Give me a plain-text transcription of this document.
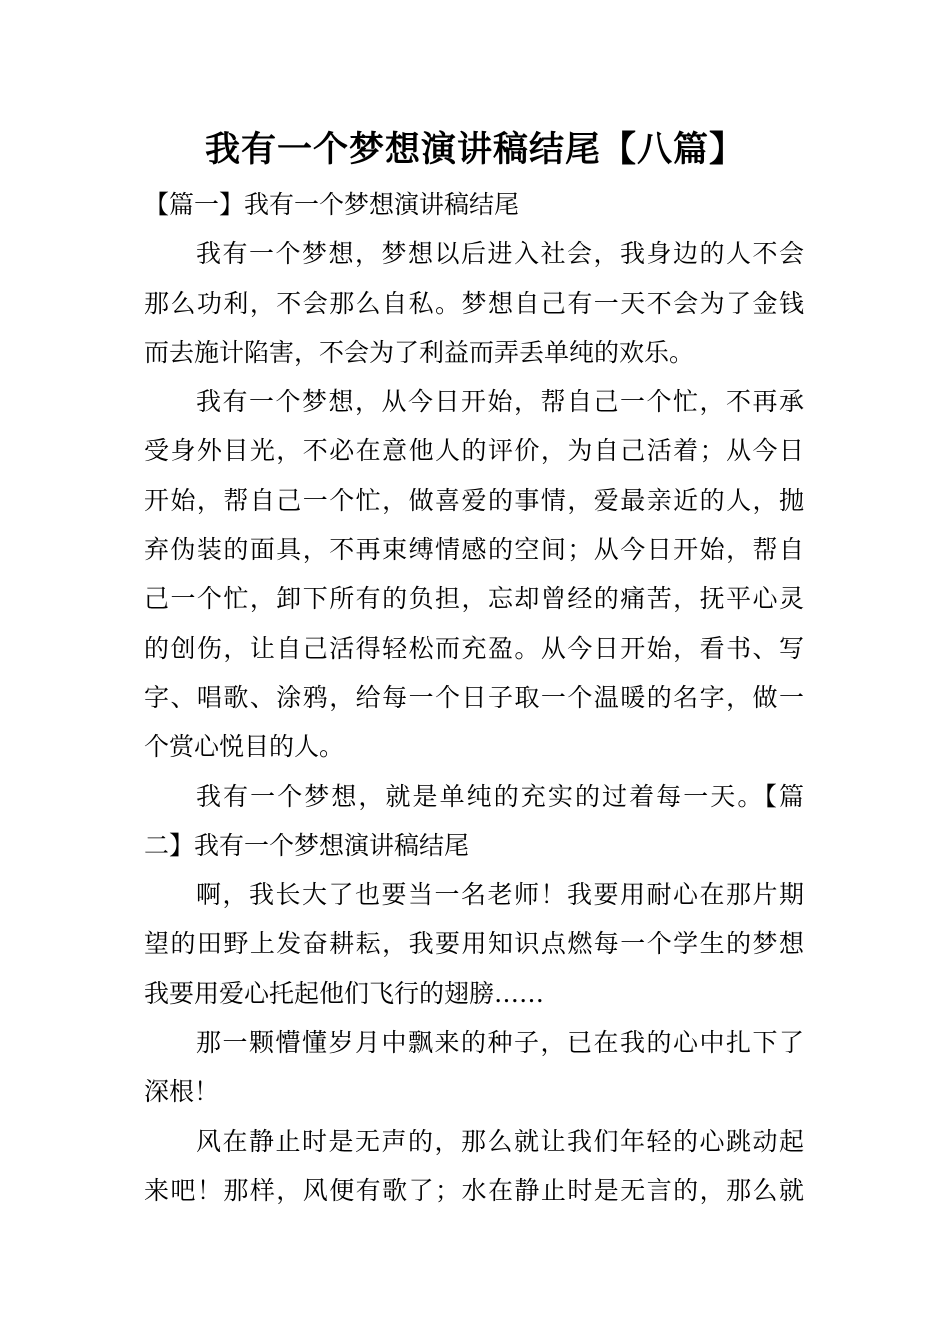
我有一个梦想演讲稿结尾【八篇】
【篇一】我有一个梦想演讲稿结尾
我有一个梦想，梦想以后进入社会，我身边的人不会
那么功利，不会那么自私。梦想自己有一天不会为了金钱
而去施计陷害，不会为了利益而弄丢单纯的欢乐。
我有一个梦想，从今日开始，帮自己一个忙，不再承
受身外目光，不必在意他人的评价，为自己活着；从今日
开始，帮自己一个忙，做喜爱的事情，爱最亲近的人，抛
弃伪装的面具，不再束缚情感的空间；从今日开始，帮自
己一个忙，卸下所有的负担，忘却曾经的痛苦，抚平心灵
的创伤，让自己活得轻松而充盈。从今日开始，看书、写
字、唱歌、涂鸦，给每一个日子取一个温暖的名字，做一
个赏心悦目的人。
我有一个梦想，就是单纯的充实的过着每一天。【篇
二】我有一个梦想演讲稿结尾
啊，我长大了也要当一名老师！我要用耐心在那片期
望的田野上发奋耕耘，我要用知识点燃每一个学生的梦想
我要用爱心托起他们飞行的翅膀……
那一颗懵懂岁月中飘来的种子，已在我的心中扎下了
深根！
风在静止时是无声的，那么就让我们年轻的心跳动起
来吧！那样，风便有歌了；水在静止时是无言的，那么就
